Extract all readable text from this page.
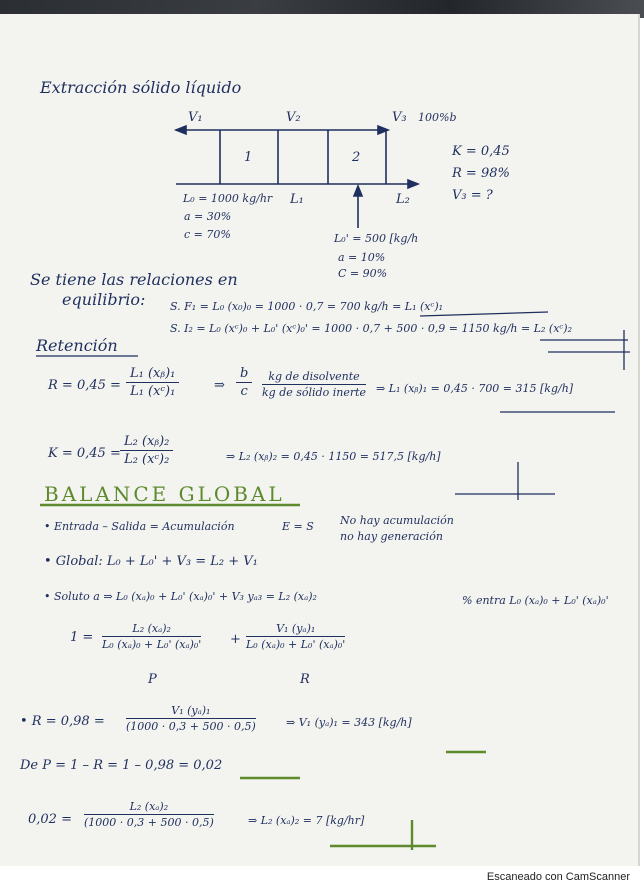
Extracción sólido líquido
V₁	V₂	V₃ 100%b
1	2
L₀ = 1000 kg/hr
a = 30%
c = 70%
L₁	L₂
L₀' = 500 [kg/h
a = 10%
C = 90%
K = 0,45
R = 98%
V₃ = ?
Se tiene las relaciones en
equilibrio: S. F₁ = L₀ (x₀)₀ = 1000 · 0,7 = 700 kg/h = L₁ (xᶜ)₁
S. I₂ = L₀ (xᶜ)₀ + L₀' (xᶜ)₀' = 1000 · 0,7 + 500 · 0,9 = 1150 kg/h = L₂ (xᶜ)₂
Retención
$R = 0,45 = \frac{\text{L₁ (xᵦ)₁}}{\text{L₁ (xᶜ)₁}}$	⇒ $\frac{b}{c}$	kg de disolvente
kg de sólido inerte ⇒ L₁ (xᵦ)₁ = 0,45 · 700 = 315 [kg/h]
$K = 0,45 = \frac{\text{L₂ (xᵦ)₂}}{\text{L₂ (xᶜ)₂}}$	⇒ L₂ (xᵦ)₂ = 0,45 · 1150 = 517,5 [kg/h]
BALANCE GLOBAL
• Entrada – Salida = Acumulación	E = S No hay acumulación
no hay generación
• Global: L₀ + L₀' + V₃ = L₂ + V₁
• Soluto a ⇒ L₀ (xₐ)₀ + L₀' (xₐ)₀' + V₃ yₐ₃ = L₂ (xₐ)₂	% entra L₀ (xₐ)₀ + L₀' (xₐ)₀'
$1 = \frac{\text{L₂ (xₐ)₂}}{\text{L₀ (xₐ)₀ + L₀' (xₐ)₀'}} + \frac{\text{V₁ (yₐ)₁}}{\text{L₀ (xₐ)₀ + L₀' (xₐ)₀'}}$
P	R
• $R = 0,98 = \frac{\text{V₁ (yₐ)₁}}{(1000 \cdot 0,3 + 500 \cdot 0,5)}$	⇒ V₁ (yₐ)₁ = 343 [kg/h]
De P = 1 – R = 1 – 0,98 = 0,02
$0,02 = \frac{\text{L₂ (xₐ)₂}}{(1000 \cdot 0,3 + 500 \cdot 0,5)}$	⇒ L₂ (xₐ)₂ = 7 [kg/hr]
Escaneado con CamScanner
